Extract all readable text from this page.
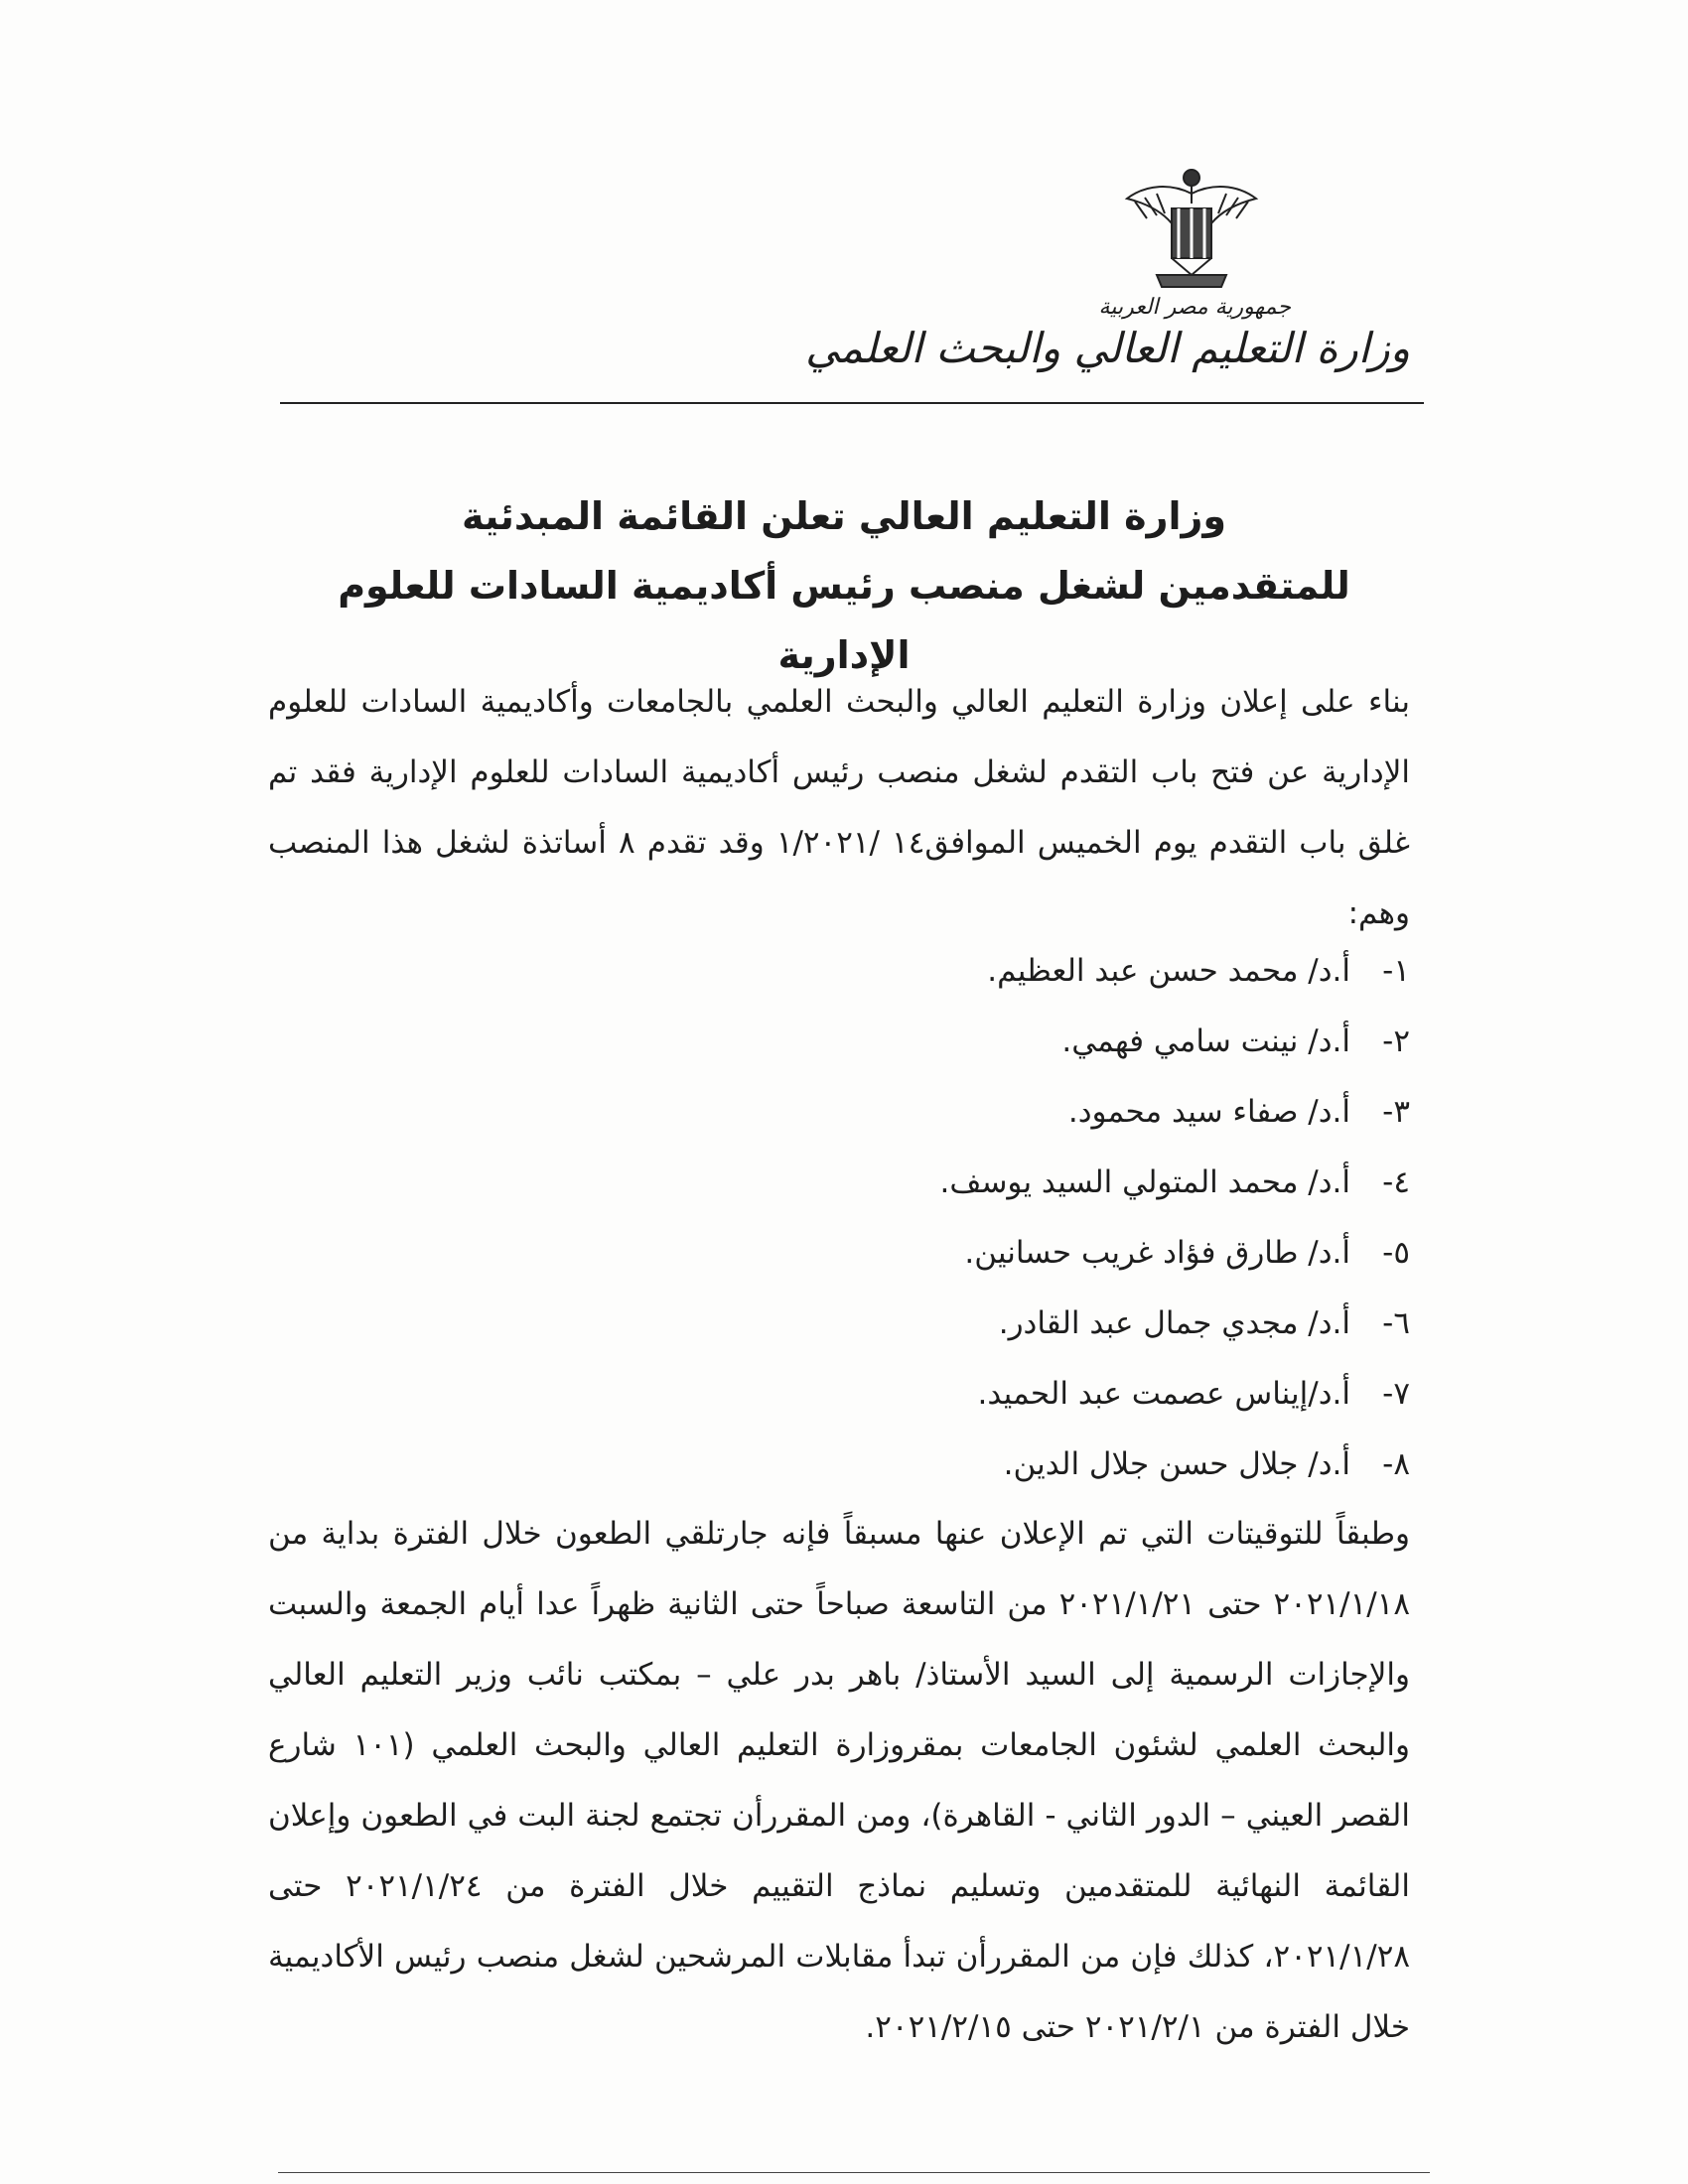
جمهورية مصر العربية
وزارة التعليم العالي والبحث العلمي
وزارة التعليم العالي تعلن القائمة المبدئية
للمتقدمين لشغل منصب رئيس أكاديمية السادات للعلوم الإدارية

بناء على إعلان وزارة التعليم العالي والبحث العلمي بالجامعات وأكاديمية السادات للعلوم الإدارية عن فتح باب التقدم لشغل منصب رئيس أكاديمية السادات للعلوم الإدارية فقد تم غلق باب التقدم يوم الخميس الموافق١٤ /١/٢٠٢١ وقد تقدم ٨ أساتذة لشغل هذا المنصب وهم:

١-
أ.د/ محمد حسن عبد العظيم.
٢-
أ.د/ نينت سامي فهمي.
٣-
أ.د/ صفاء سيد محمود.
٤-
أ.د/ محمد المتولي السيد يوسف.
٥-
أ.د/ طارق فؤاد غريب حسانين.
٦-
أ.د/ مجدي جمال عبد القادر.
٧-
أ.د/إيناس عصمت عبد الحميد.
٨-
أ.د/ جلال حسن جلال الدين.

وطبقاً للتوقيتات التي تم الإعلان عنها مسبقاً فإنه جارتلقي الطعون خلال الفترة بداية من ٢٠٢١/١/١٨ حتى ٢٠٢١/١/٢١ من التاسعة صباحاً حتى الثانية ظهراً عدا أيام الجمعة والسبت والإجازات الرسمية إلى السيد الأستاذ/ باهر بدر علي – بمكتب نائب وزير التعليم العالي والبحث العلمي لشئون الجامعات بمقروزارة التعليم العالي والبحث العلمي (١٠١ شارع القصر العيني – الدور الثاني - القاهرة)، ومن المقررأن تجتمع لجنة البت في الطعون وإعلان القائمة النهائية للمتقدمين وتسليم نماذج التقييم خلال الفترة من ٢٠٢١/١/٢٤ حتى ٢٠٢١/١/٢٨، كذلك فإن من المقررأن تبدأ مقابلات المرشحين لشغل منصب رئيس الأكاديمية خلال الفترة من ٢٠٢١/٢/١ حتى ٢٠٢١/٢/١٥.
